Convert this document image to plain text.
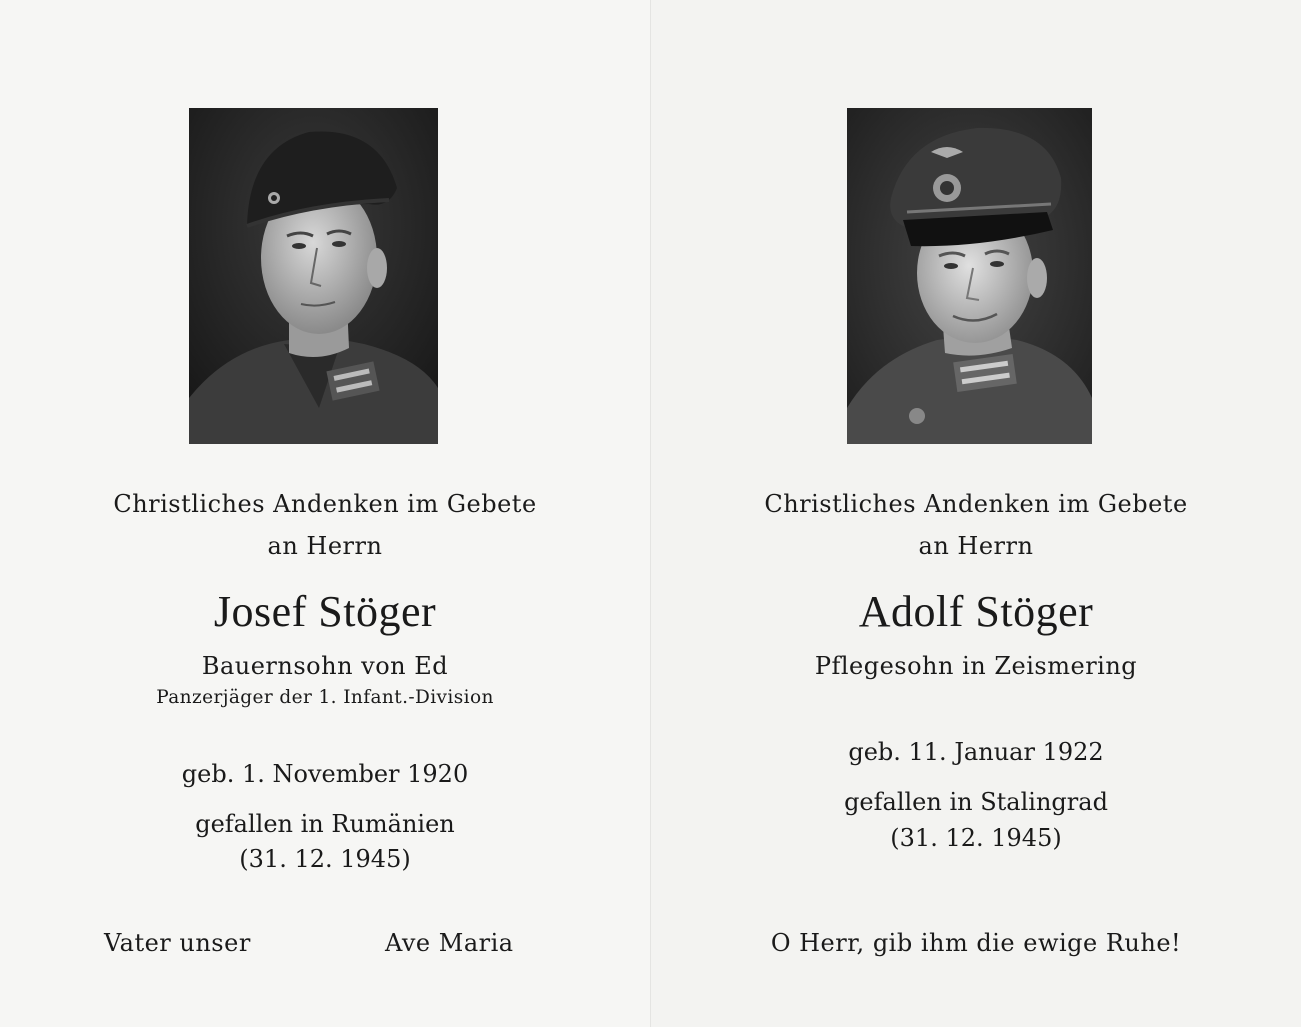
Christliches Andenken im Gebete
an Herrn
Josef Stöger
Bauernsohn von Ed
Panzerjäger der 1. Infant.-Division
geb. 1. November 1920
gefallen in Rumänien
(31. 12. 1945)
Vater unser	Ave Maria
Christliches Andenken im Gebete
an Herrn
Adolf Stöger
Pflegesohn in Zeismering
geb. 11. Januar 1922
gefallen in Stalingrad
(31. 12. 1945)
O Herr, gib ihm die ewige Ruhe!
